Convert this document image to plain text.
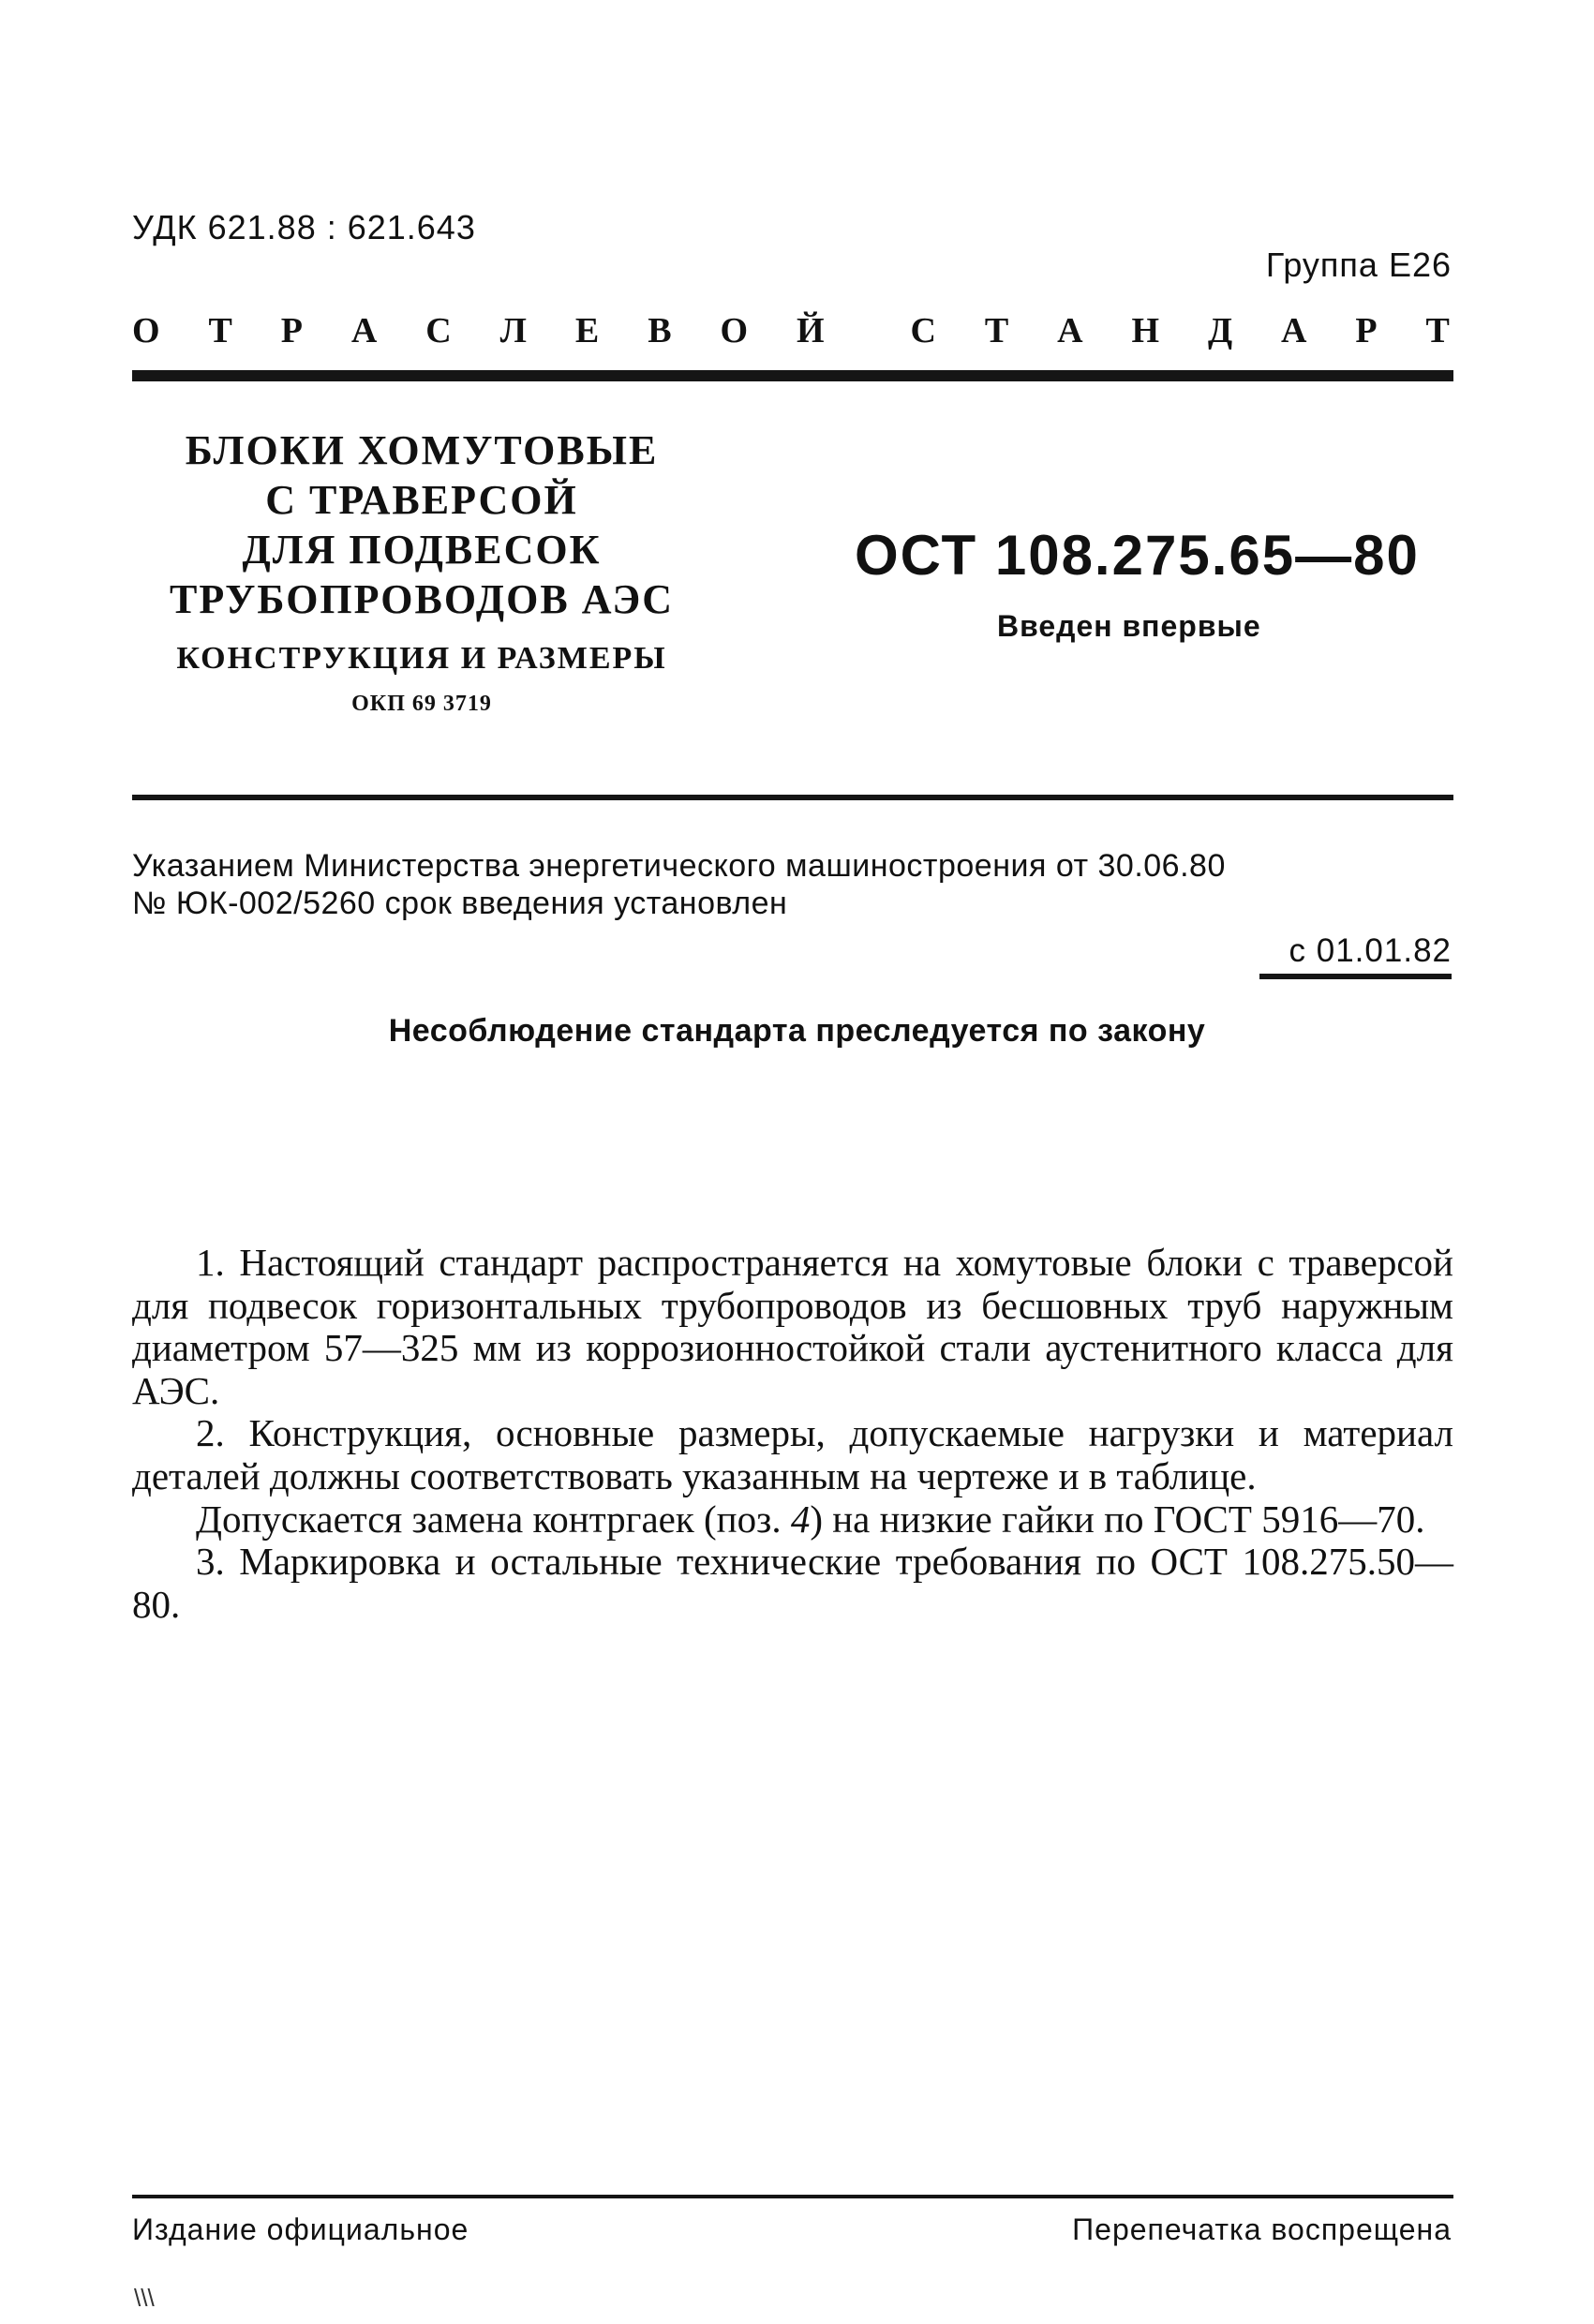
УДК 621.88 : 621.643
Группа Е26
О Т Р А С Л Е В О Й С Т А Н Д А Р Т
БЛОКИ ХОМУТОВЫЕ
С ТРАВЕРСОЙ
ДЛЯ ПОДВЕСОК
ТРУБОПРОВОДОВ АЭС
КОНСТРУКЦИЯ И РАЗМЕРЫ
ОКП 69 3719
ОСТ 108.275.65—80
Введен впервые
Указанием Министерства энергетического машиностроения от 30.06.80
№ ЮК-002/5260 срок введения установлен
с 01.01.82
Несоблюдение стандарта преследуется по закону

1. Настоящий стандарт распространяется на хомутовые блоки с траверсой для подвесок горизонтальных трубопроводов из бесшовных труб наружным диаметром 57—325 мм из коррозионностойкой стали аустенитного класса для АЭС.

2. Конструкция, основные размеры, допускаемые нагрузки и материал деталей должны соответствовать указанным на чертеже и в таблице.

Допускается замена контргаек (поз. 4) на низкие гайки по ГОСТ 5916—70.

3. Маркировка и остальные технические требования по ОСТ 108.275.50—80.

Издание официальное	Перепечатка воспрещена
\\\
